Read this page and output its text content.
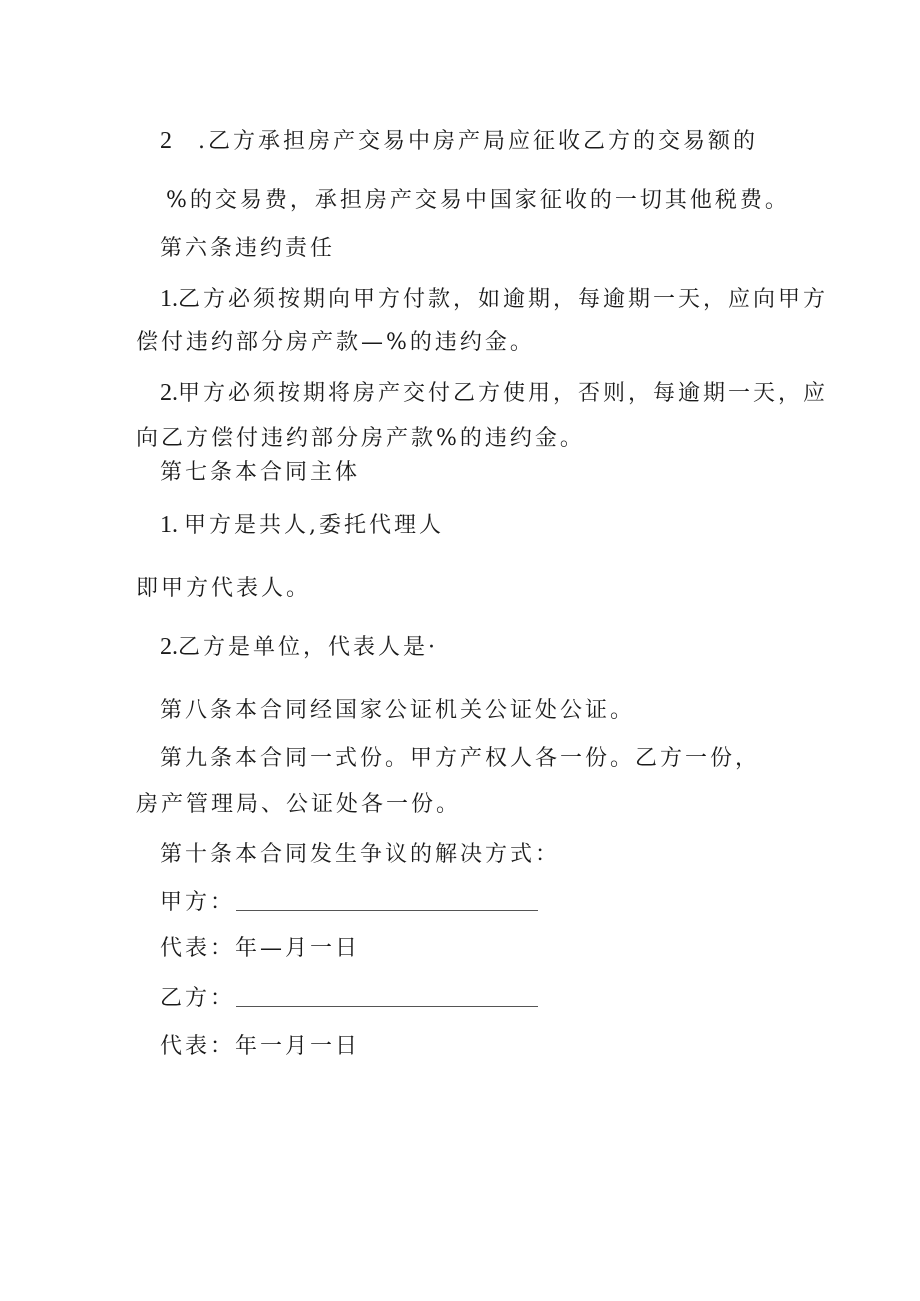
2 .乙方承担房产交易中房产局应征收乙方的交易额的
%的交易费，承担房产交易中国家征收的一切其他税费。
第六条违约责任
1.乙方必须按期向甲方付款，如逾期，每逾期一天，应向甲方
偿付违约部分房产款—%的违约金。
2.甲方必须按期将房产交付乙方使用，否则，每逾期一天，应
向乙方偿付违约部分房产款%的违约金。
第七条本合同主体
1. 甲方是共人,委托代理人
即甲方代表人。
2.乙方是单位，代表人是·
第八条本合同经国家公证机关公证处公证。
第九条本合同一式份。甲方产权人各一份。乙方一份，
房产管理局、公证处各一份。
第十条本合同发生争议的解决方式：
甲方：
代表：年—月一日
乙方：
代表：年一月一日
